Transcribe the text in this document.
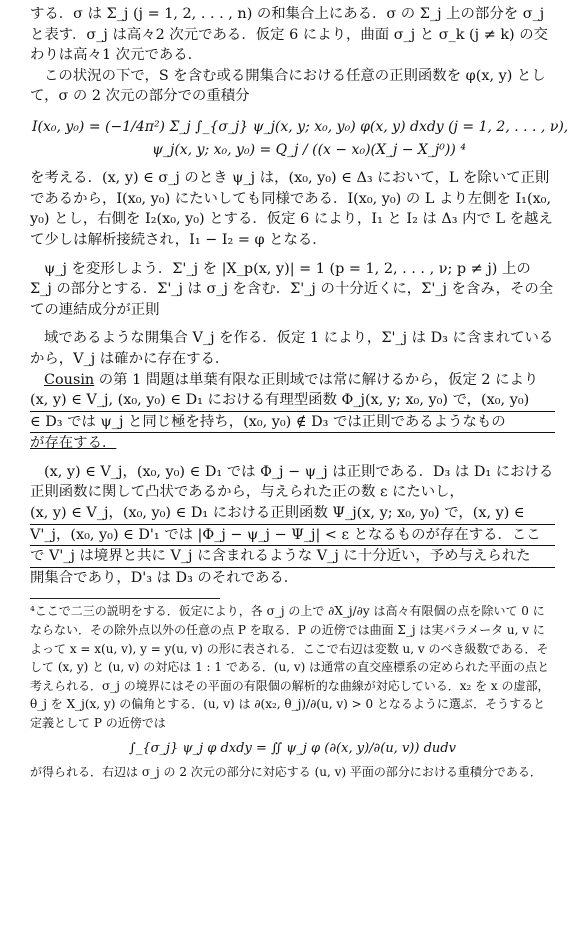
する．σ は Σ_j (j = 1, 2, . . . , n) の和集合上にある．σ の Σ_j 上の部分を σ_j と表す．σ_j は高々2 次元である．仮定 6 により，曲面 σ_j と σ_k (j ≠ k) の交わりは高々1 次元である．

この状況の下で，S を含む或る開集合における任意の正則函数を φ(x, y) として，σ の 2 次元の部分での重積分

I(x₀, y₀) = (−1/4π²) Σ_j ∫_{σ_j} ψ_j(x, y; x₀, y₀) φ(x, y) dxdy (j = 1, 2, . . . , ν),

ψ_j(x, y; x₀, y₀) = Q_j / ((x − x₀)(X_j − X_j⁰)) ⁴

を考える．(x, y) ∈ σ_j のとき ψ_j は，(x₀, y₀) ∈ Δ₃ において，L を除いて正則であるから，I(x₀, y₀) にたいしても同様である．I(x₀, y₀) の L より左側を I₁(x₀, y₀) とし，右側を I₂(x₀, y₀) とする．仮定 6 により，I₁ と I₂ は Δ₃ 内で L を越えて少しは解析接続され，I₁ − I₂ = φ となる．

ψ_j を変形しよう．Σ'_j を |X_p(x, y)| = 1 (p = 1, 2, . . . , ν; p ≠ j) 上の Σ_j の部分とする．Σ'_j は σ_j を含む．Σ'_j の十分近くに，Σ'_j を含み，その全ての連結成分が正則

域であるような開集合 V_j を作る．仮定 1 により，Σ'_j は D₃ に含まれているから，V_j は確かに存在する．

Cousin の第 1 問題は単葉有限な正則域では常に解けるから，仮定 2 により
(x, y) ∈ V_j, (x₀, y₀) ∈ D₁ における有理型函数 Φ_j(x, y; x₀, y₀) で，(x₀, y₀)
∈ D₃ では ψ_j と同じ極を持ち，(x₀, y₀) ∉ D₃ では正則であるようなもの
が存在する．

(x, y) ∈ V_j，(x₀, y₀) ∈ D₁ では Φ_j − ψ_j は正則である．D₃ は D₁ における正則函数に関して凸状であるから，与えられた正の数 ε にたいし，

(x, y) ∈ V_j，(x₀, y₀) ∈ D₁ における正則函数 Ψ_j(x, y; x₀, y₀) で，(x, y) ∈
V'_j，(x₀, y₀) ∈ D'₁ では |Φ_j − ψ_j − Ψ_j| < ε となるものが存在する．ここ
で V'_j は境界と共に V_j に含まれるような V_j に十分近い，予め与えられた

開集合であり，D'₃ は D₃ のそれである．

⁴ここで二三の説明をする．仮定により，各 σ_j の上で ∂X_j/∂y は高々有限個の点を除いて 0 にならない．その除外点以外の任意の点 P を取る．P の近傍では曲面 Σ_j は実パラメータ u, v によって x = x(u, v), y = y(u, v) の形に表される．ここで右辺は変数 u, v のべき級数である．そして (x, y) と (u, v) の対応は 1 : 1 である．(u, v) は通常の直交座標系の定められた平面の点と考えられる．σ_j の境界にはその平面の有限個の解析的な曲線が対応している．x₂ を x の虚部，θ_j を X_j(x, y) の偏角とする．(u, v) は ∂(x₂, θ_j)/∂(u, v) > 0 となるように選ぶ．そうすると定義として P の近傍では

∫_{σ_j} ψ_j φ dxdy = ∬ ψ_j φ (∂(x, y)/∂(u, v)) dudv

が得られる．右辺は σ_j の 2 次元の部分に対応する (u, v) 平面の部分における重積分である．
